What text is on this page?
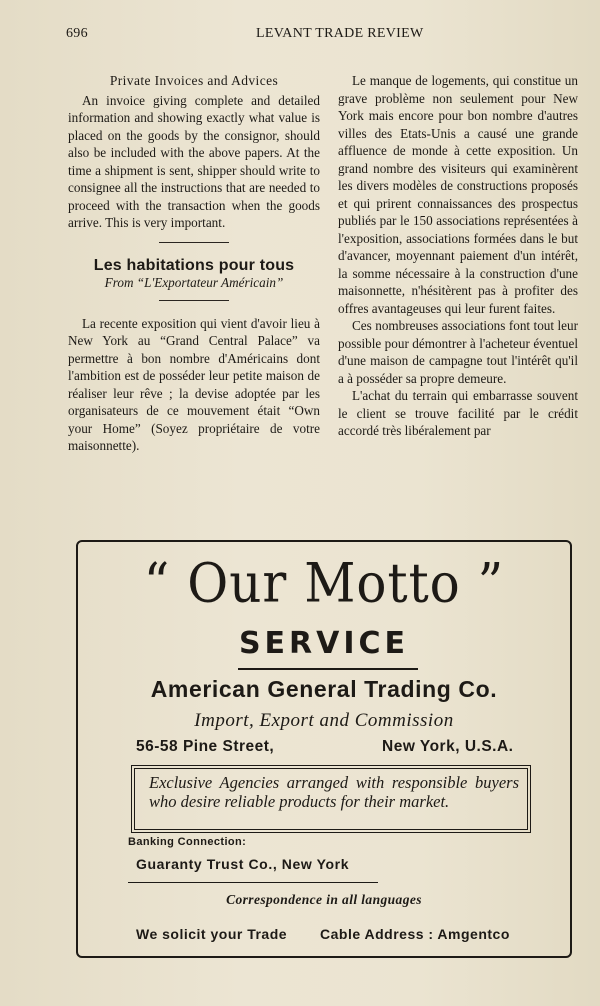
696	LEVANT TRADE REVIEW
Private Invoices and Advices

An invoice giving complete and detailed information and showing exactly what value is placed on the goods by the consignor, should also be included with the above papers. At the time a shipment is sent, shipper should write to consignee all the instructions that are needed to proceed with the transaction when the goods arrive. This is very important.

Les habitations pour tous
From “L'Exportateur Américain”

La recente exposition qui vient d'avoir lieu à New York au “Grand Central Palace” va permettre à bon nombre d'Américains dont l'ambition est de posséder leur petite maison de réaliser leur rêve ; la devise adoptée par les organisateurs de ce mouvement était “Own your Home” (Soyez propriétaire de votre maisonnette).

Le manque de logements, qui constitue un grave problème non seulement pour New York mais encore pour bon nombre d'autres villes des Etats-Unis a causé une grande affluence de monde à cette exposition. Un grand nombre des visiteurs qui examinèrent les divers modèles de constructions proposés et qui prirent connaissances des prospectus publiés par le 150 associations représentées à l'exposition, associations formées dans le but d'avancer, moyennant paiement d'un intérêt, la somme nécessaire à la construction d'une maisonnette, n'hésitèrent pas à profiter des offres avantageuses qui leur furent faites.

Ces nombreuses associations font tout leur possible pour démontrer à l'acheteur éventuel d'une maison de campagne tout l'intérêt qu'il a à posséder sa propre demeure.

L'achat du terrain qui embarrasse souvent le client se trouve facilité par le crédit accordé très libéralement par

“ Our Motto ”
SERVICE
American General Trading Co.
Import, Export and Commission
56-58 Pine Street,	New York, U.S.A.
Exclusive Agencies arranged with responsible buyers who desire reliable products for their market.
Banking Connection:
Guaranty Trust Co., New York
Correspondence in all languages
We solicit your Trade Cable Address : Amgentco
